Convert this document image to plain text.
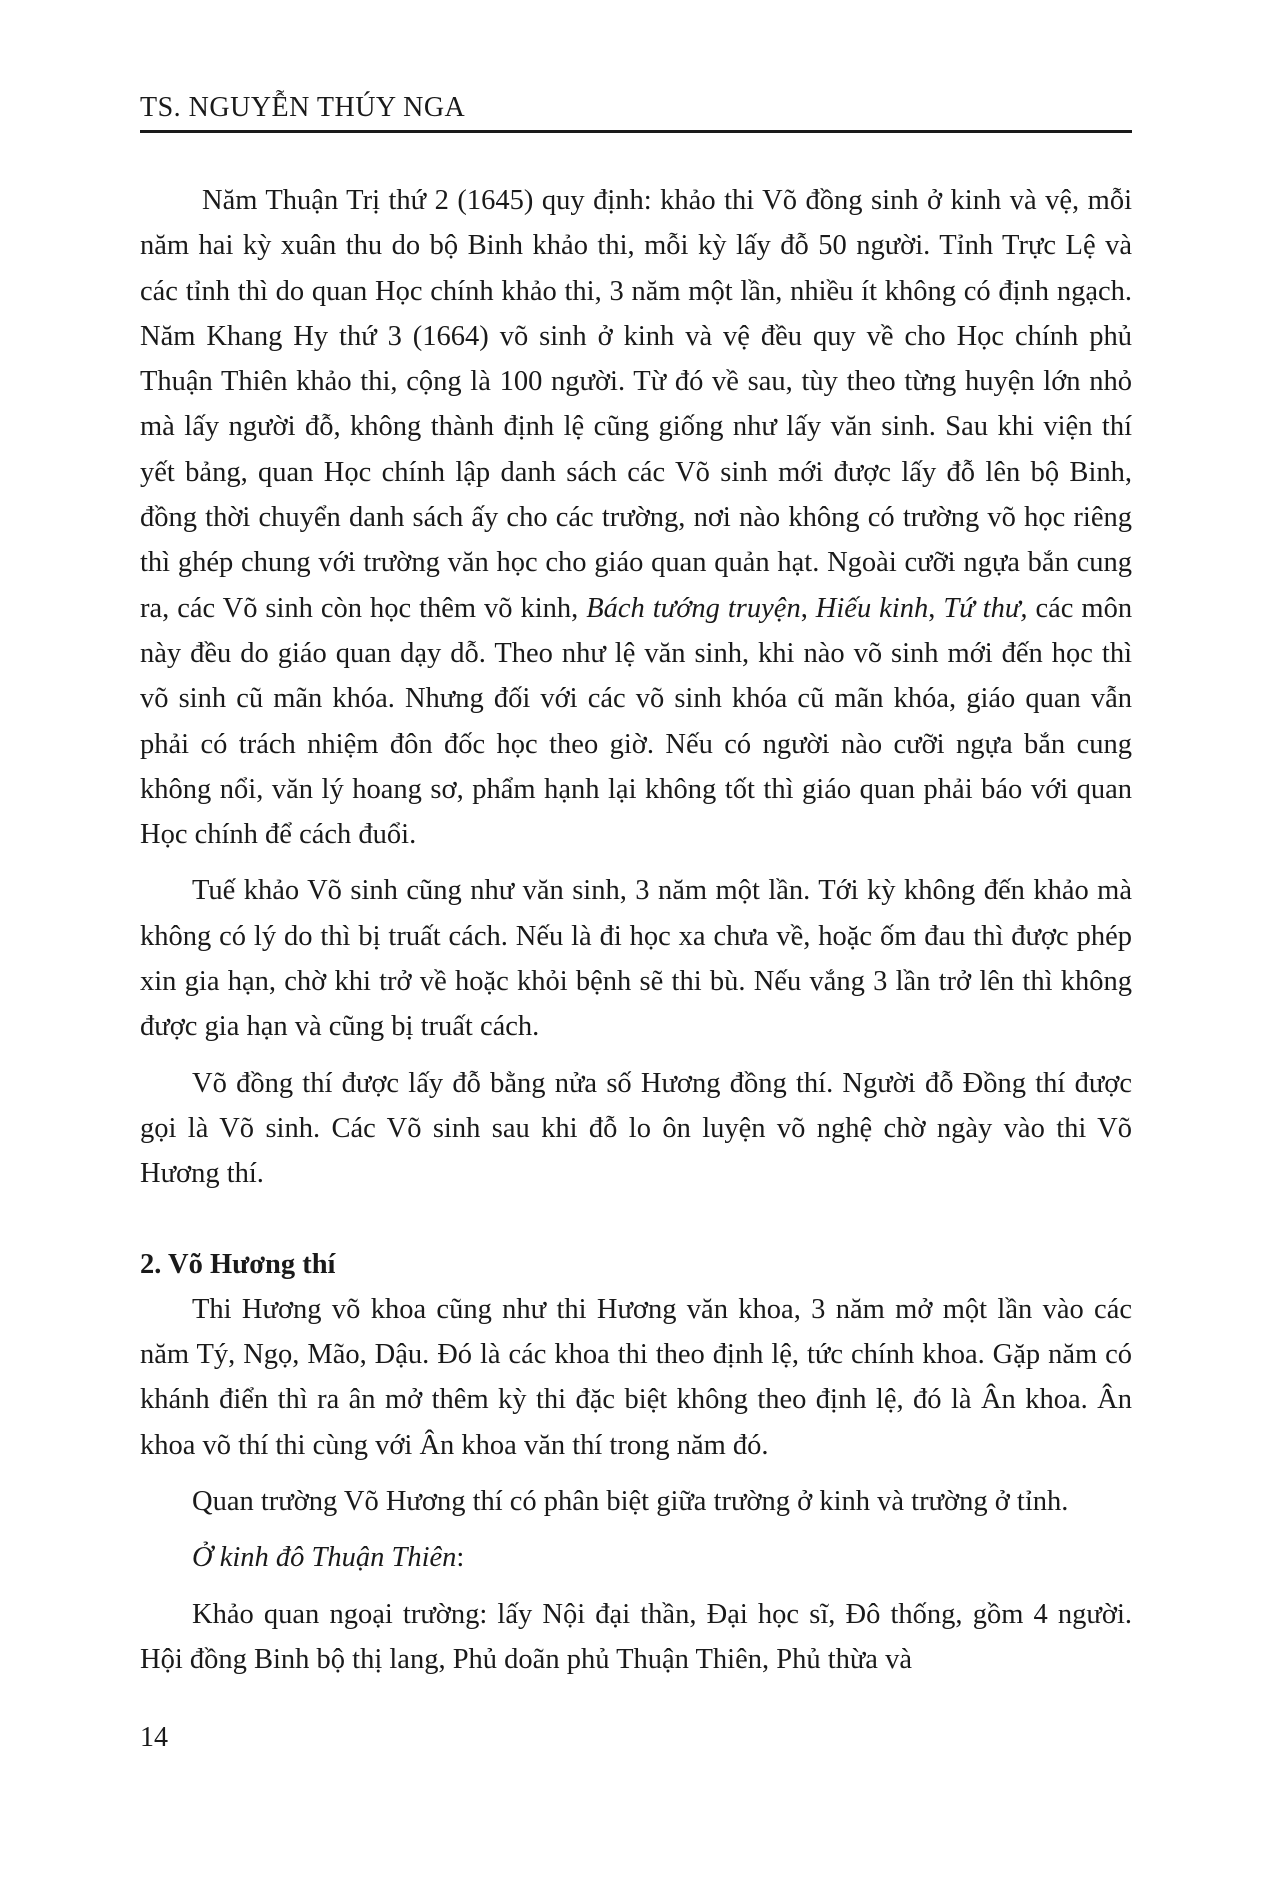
TS. NGUYỄN THÚY NGA

Năm Thuận Trị thứ 2 (1645) quy định: khảo thi Võ đồng sinh ở kinh và vệ, mỗi năm hai kỳ xuân thu do bộ Binh khảo thi, mỗi kỳ lấy đỗ 50 người. Tỉnh Trực Lệ và các tỉnh thì do quan Học chính khảo thi, 3 năm một lần, nhiều ít không có định ngạch. Năm Khang Hy thứ 3 (1664) võ sinh ở kinh và vệ đều quy về cho Học chính phủ Thuận Thiên khảo thi, cộng là 100 người. Từ đó về sau, tùy theo từng huyện lớn nhỏ mà lấy người đỗ, không thành định lệ cũng giống như lấy văn sinh. Sau khi viện thí yết bảng, quan Học chính lập danh sách các Võ sinh mới được lấy đỗ lên bộ Binh, đồng thời chuyển danh sách ấy cho các trường, nơi nào không có trường võ học riêng thì ghép chung với trường văn học cho giáo quan quản hạt. Ngoài cưỡi ngựa bắn cung ra, các Võ sinh còn học thêm võ kinh, Bách tướng truyện, Hiếu kinh, Tứ thư, các môn này đều do giáo quan dạy dỗ. Theo như lệ văn sinh, khi nào võ sinh mới đến học thì võ sinh cũ mãn khóa. Nhưng đối với các võ sinh khóa cũ mãn khóa, giáo quan vẫn phải có trách nhiệm đôn đốc học theo giờ. Nếu có người nào cưỡi ngựa bắn cung không nổi, văn lý hoang sơ, phẩm hạnh lại không tốt thì giáo quan phải báo với quan Học chính để cách đuổi.

Tuế khảo Võ sinh cũng như văn sinh, 3 năm một lần. Tới kỳ không đến khảo mà không có lý do thì bị truất cách. Nếu là đi học xa chưa về, hoặc ốm đau thì được phép xin gia hạn, chờ khi trở về hoặc khỏi bệnh sẽ thi bù. Nếu vắng 3 lần trở lên thì không được gia hạn và cũng bị truất cách.

Võ đồng thí được lấy đỗ bằng nửa số Hương đồng thí. Người đỗ Đồng thí được gọi là Võ sinh. Các Võ sinh sau khi đỗ lo ôn luyện võ nghệ chờ ngày vào thi Võ Hương thí.

2. Võ Hương thí

Thi Hương võ khoa cũng như thi Hương văn khoa, 3 năm mở một lần vào các năm Tý, Ngọ, Mão, Dậu. Đó là các khoa thi theo định lệ, tức chính khoa. Gặp năm có khánh điển thì ra ân mở thêm kỳ thi đặc biệt không theo định lệ, đó là Ân khoa. Ân khoa võ thí thi cùng với Ân khoa văn thí trong năm đó.

Quan trường Võ Hương thí có phân biệt giữa trường ở kinh và trường ở tỉnh.

Ở kinh đô Thuận Thiên:

Khảo quan ngoại trường: lấy Nội đại thần, Đại học sĩ, Đô thống, gồm 4 người. Hội đồng Binh bộ thị lang, Phủ doãn phủ Thuận Thiên, Phủ thừa và

14
